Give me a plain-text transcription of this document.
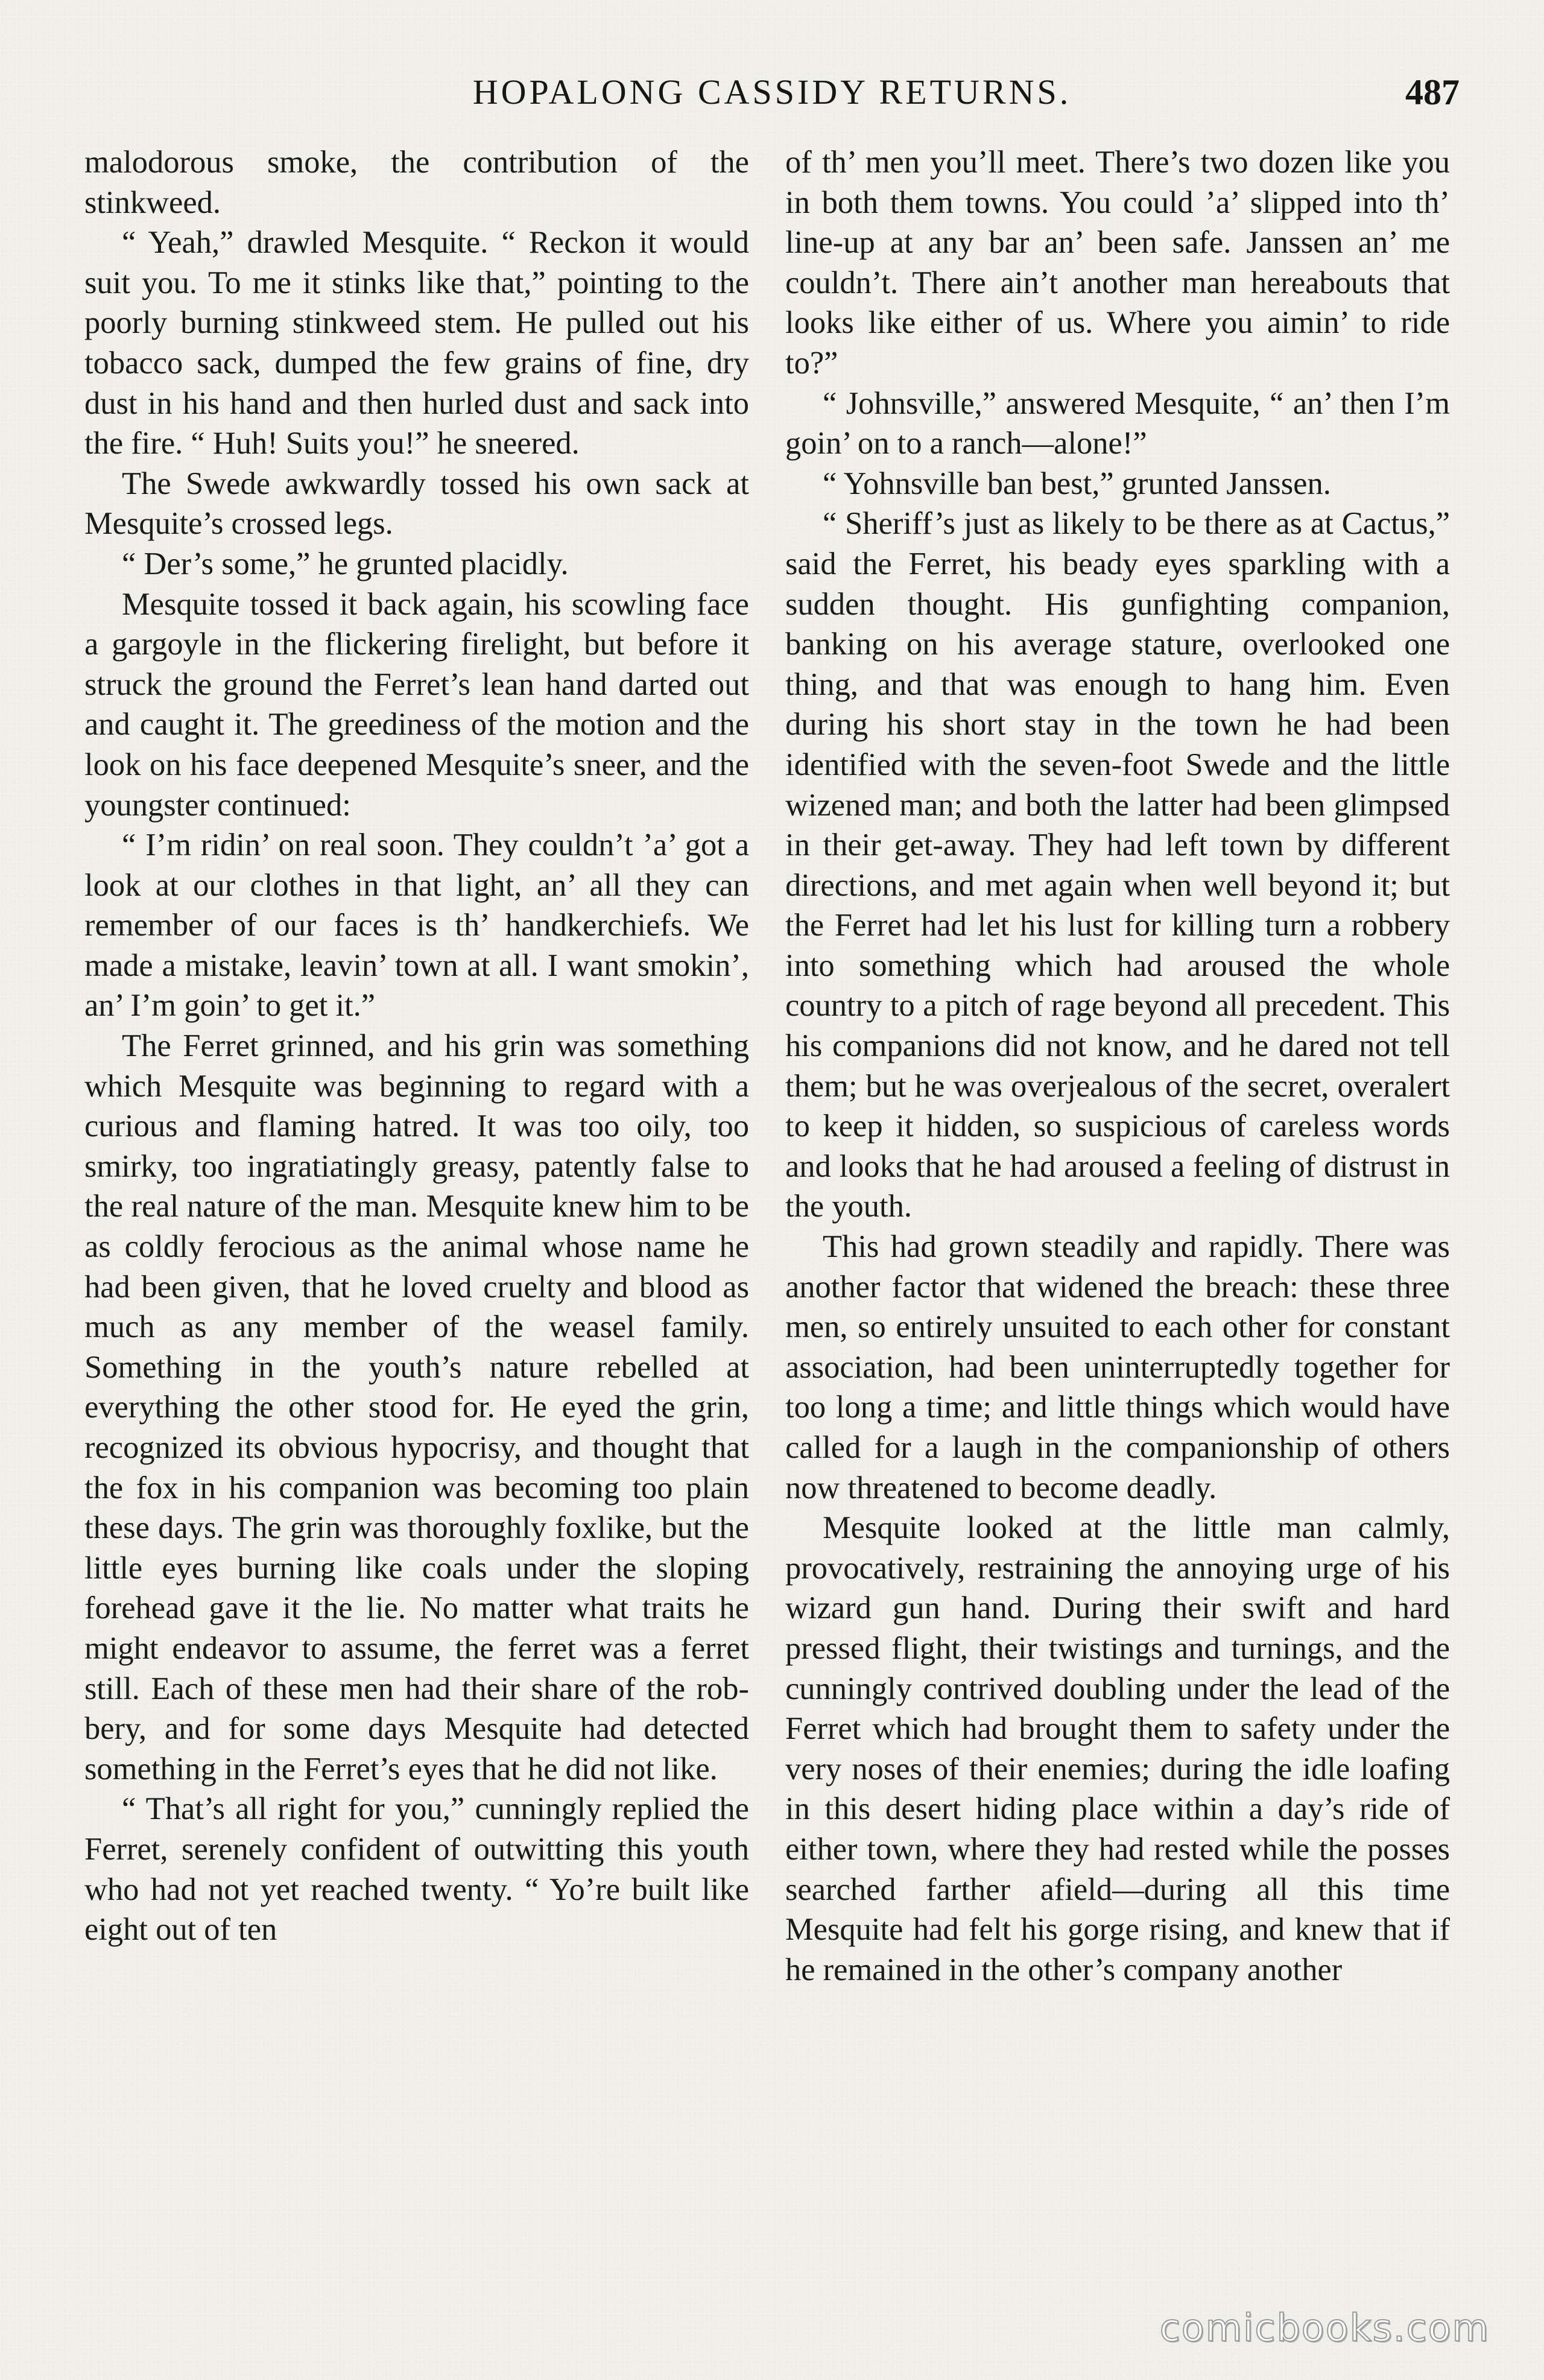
HOPALONG CASSIDY RETURNS.	487

malodorous smoke, the contribution of the stinkweed.

“ Yeah,” drawled Mesquite. “ Reckon it would suit you. To me it stinks like that,” pointing to the poorly burning stinkweed stem. He pulled out his tobacco sack, dumped the few grains of fine, dry dust in his hand and then hurled dust and sack into the fire. “ Huh! Suits you!” he sneered.

The Swede awkwardly tossed his own sack at Mesquite’s crossed legs.

“ Der’s some,” he grunted placidly.

Mesquite tossed it back again, his scowling face a gargoyle in the flickering firelight, but before it struck the ground the Ferret’s lean hand darted out and caught it. The greediness of the motion and the look on his face deepened Mesquite’s sneer, and the youngster continued:

“ I’m ridin’ on real soon. They couldn’t ’a’ got a look at our clothes in that light, an’ all they can remember of our faces is th’ handkerchiefs. We made a mistake, leavin’ town at all. I want smokin’, an’ I’m goin’ to get it.”

The Ferret grinned, and his grin was something which Mesquite was beginning to regard with a curious and flaming hatred. It was too oily, too smirky, too ingratiatingly greasy, patently false to the real nature of the man. Mesquite knew him to be as coldly ferocious as the animal whose name he had been given, that he loved cruelty and blood as much as any member of the weasel family. Something in the youth’s nature rebelled at everything the other stood for. He eyed the grin, recognized its obvious hypocrisy, and thought that the fox in his companion was becoming too plain these days. The grin was thoroughly foxlike, but the little eyes burning like coals under the sloping forehead gave it the lie. No matter what traits he might endeavor to assume, the ferret was a ferret still. Each of these men had their share of the robbery, and for some days Mesquite had detected something in the Ferret’s eyes that he did not like.

“ That’s all right for you,” cunningly replied the Ferret, serenely confident of outwitting this youth who had not yet reached twenty. “ Yo’re built like eight out of ten

of th’ men you’ll meet. There’s two dozen like you in both them towns. You could ’a’ slipped into th’ line-up at any bar an’ been safe. Janssen an’ me couldn’t. There ain’t another man hereabouts that looks like either of us. Where you aimin’ to ride to?”

“ Johnsville,” answered Mesquite, “ an’ then I’m goin’ on to a ranch—alone!”

“ Yohnsville ban best,” grunted Janssen.

“ Sheriff’s just as likely to be there as at Cactus,” said the Ferret, his beady eyes sparkling with a sudden thought. His gunfighting companion, banking on his average stature, overlooked one thing, and that was enough to hang him. Even during his short stay in the town he had been identified with the seven-foot Swede and the little wizened man; and both the latter had been glimpsed in their get-away. They had left town by different directions, and met again when well beyond it; but the Ferret had let his lust for killing turn a robbery into something which had aroused the whole country to a pitch of rage beyond all precedent. This his companions did not know, and he dared not tell them; but he was overjealous of the secret, overalert to keep it hidden, so suspicious of careless words and looks that he had aroused a feeling of distrust in the youth.

This had grown steadily and rapidly. There was another factor that widened the breach: these three men, so entirely unsuited to each other for constant association, had been uninterruptedly together for too long a time; and little things which would have called for a laugh in the companionship of others now threatened to become deadly.

Mesquite looked at the little man calmly, provocatively, restraining the annoying urge of his wizard gun hand. During their swift and hard pressed flight, their twistings and turnings, and the cunningly contrived doubling under the lead of the Ferret which had brought them to safety under the very noses of their enemies; during the idle loafing in this desert hiding place within a day’s ride of either town, where they had rested while the posses searched farther afield—during all this time Mesquite had felt his gorge rising, and knew that if he remained in the other’s company another

comicbooks.com
